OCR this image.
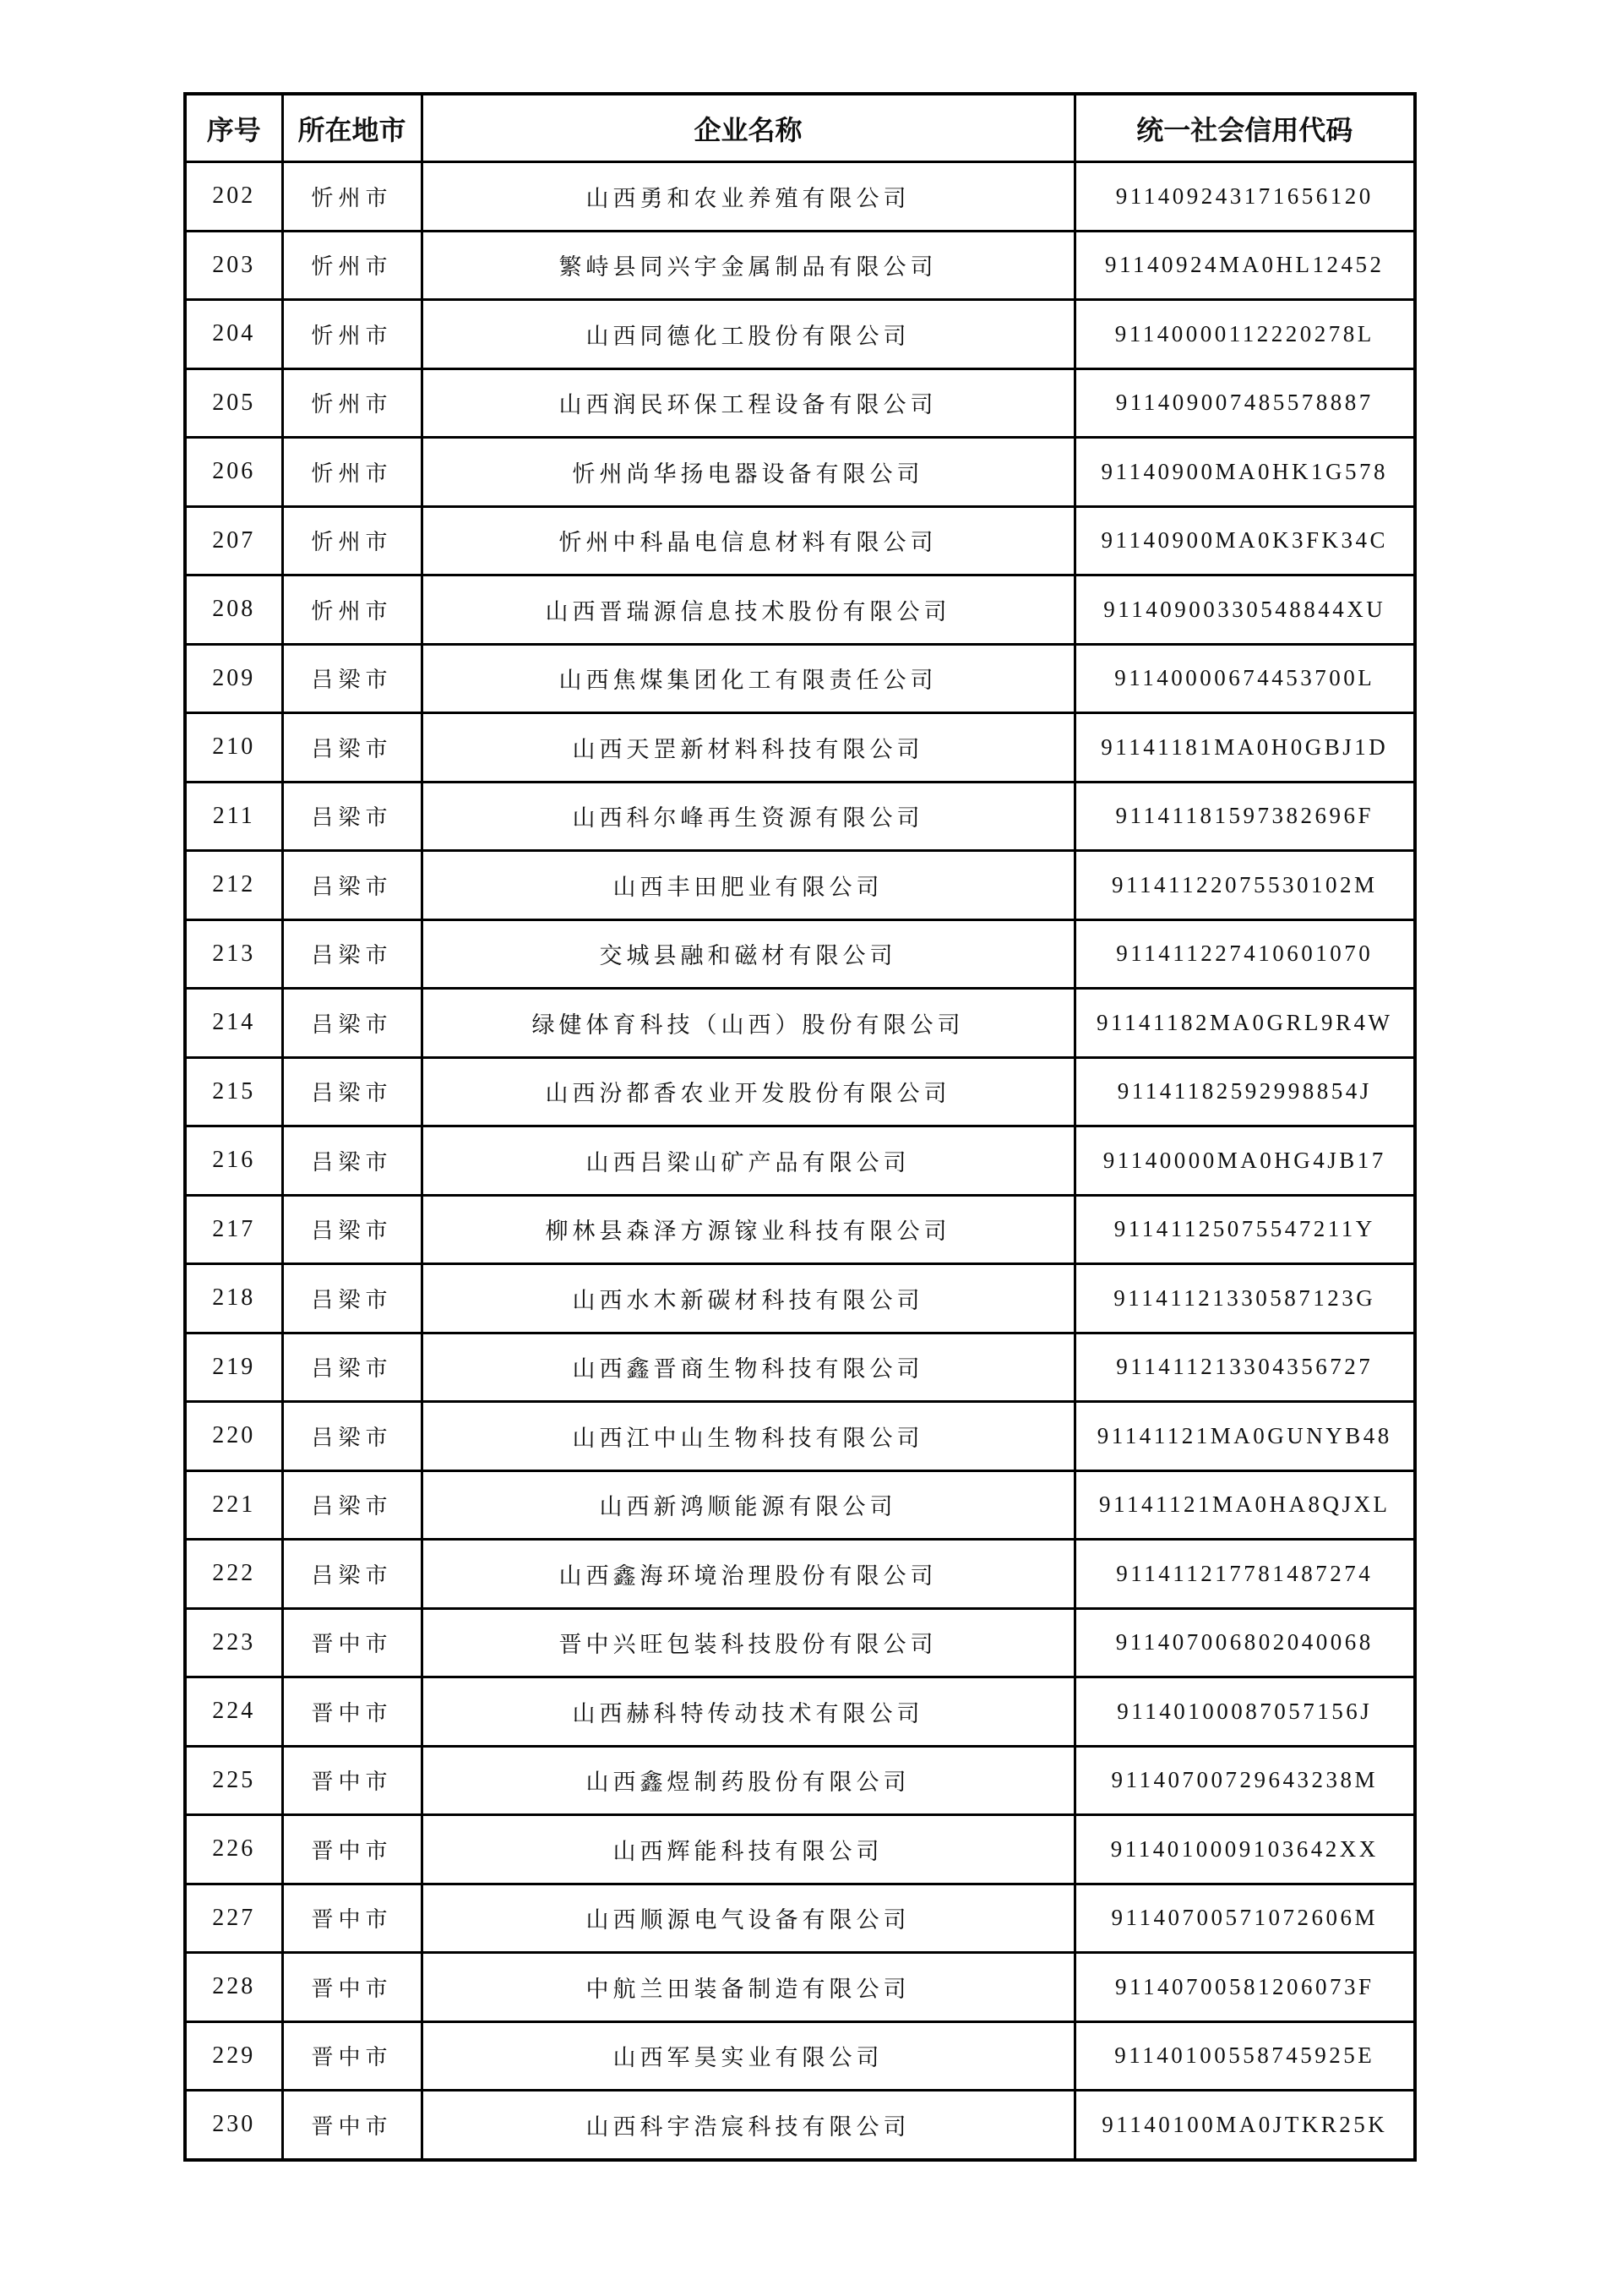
序号	所在地市	企业名称	统一社会信用代码
202	忻州市	山西勇和农业养殖有限公司	911409243171656120
203	忻州市	繁峙县同兴宇金属制品有限公司	91140924MA0HL12452
204	忻州市	山西同德化工股份有限公司	91140000112220278L
205	忻州市	山西润民环保工程设备有限公司	911409007485578887
206	忻州市	忻州尚华扬电器设备有限公司	91140900MA0HK1G578
207	忻州市	忻州中科晶电信息材料有限公司	91140900MA0K3FK34C
208	忻州市	山西晋瑞源信息技术股份有限公司	91140900330548844XU
209	吕梁市	山西焦煤集团化工有限责任公司	91140000674453700L
210	吕梁市	山西天罡新材料科技有限公司	91141181MA0H0GBJ1D
211	吕梁市	山西科尔峰再生资源有限公司	91141181597382696F
212	吕梁市	山西丰田肥业有限公司	91141122075530102M
213	吕梁市	交城县融和磁材有限公司	911411227410601070
214	吕梁市	绿健体育科技（山西）股份有限公司	91141182MA0GRL9R4W
215	吕梁市	山西汾都香农业开发股份有限公司	91141182592998854J
216	吕梁市	山西吕梁山矿产品有限公司	91140000MA0HG4JB17
217	吕梁市	柳林县森泽方源镓业科技有限公司	91141125075547211Y
218	吕梁市	山西水木新碳材科技有限公司	91141121330587123G
219	吕梁市	山西鑫晋商生物科技有限公司	911411213304356727
220	吕梁市	山西江中山生物科技有限公司	91141121MA0GUNYB48
221	吕梁市	山西新鸿顺能源有限公司	91141121MA0HA8QJXL
222	吕梁市	山西鑫海环境治理股份有限公司	911411217781487274
223	晋中市	晋中兴旺包装科技股份有限公司	911407006802040068
224	晋中市	山西赫科特传动技术有限公司	91140100087057156J
225	晋中市	山西鑫煜制药股份有限公司	91140700729643238M
226	晋中市	山西辉能科技有限公司	9114010009103642XX
227	晋中市	山西顺源电气设备有限公司	91140700571072606M
228	晋中市	中航兰田装备制造有限公司	91140700581206073F
229	晋中市	山西军昊实业有限公司	91140100558745925E
230	晋中市	山西科宇浩宸科技有限公司	91140100MA0JTKR25K
